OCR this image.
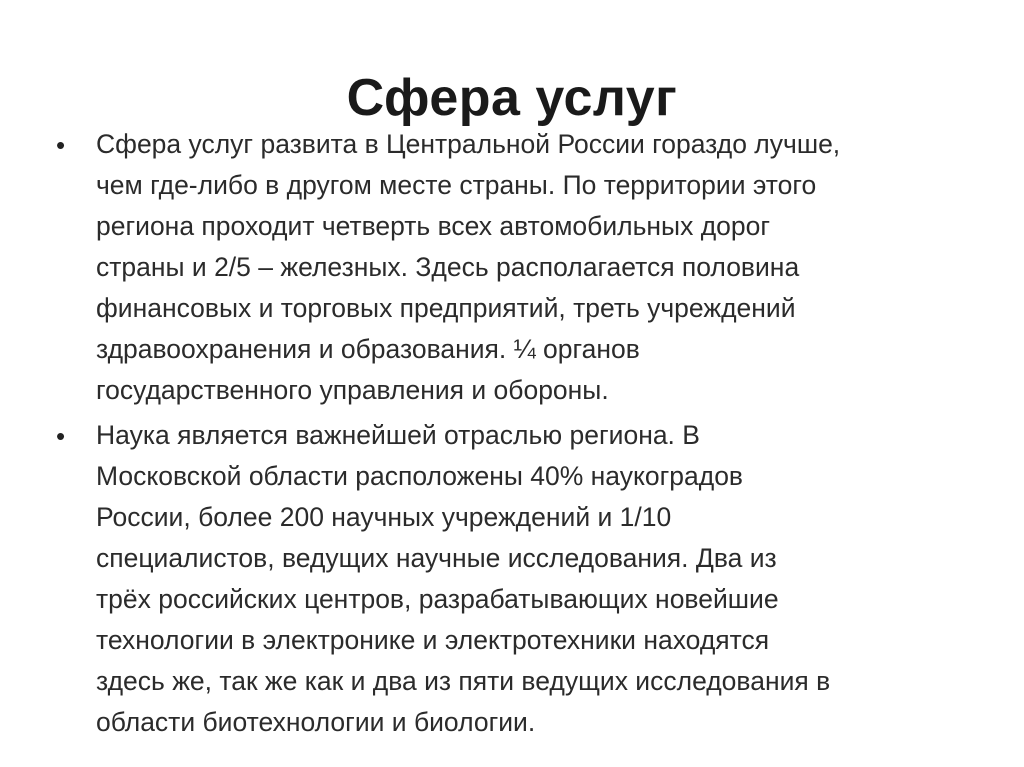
Сфера услуг
•	Сфера услуг развита в Центральной России гораздо лучше,
чем где-либо в другом месте страны. По территории этого
региона проходит четверть всех автомобильных дорог
страны и 2/5 – железных. Здесь располагается половина
финансовых и торговых предприятий, треть учреждений
здравоохранения и образования. ¼ органов
государственного управления и обороны.
•	Наука является важнейшей отраслью региона. В
Московской области расположены 40% наукоградов
России, более 200 научных учреждений и 1/10
специалистов, ведущих научные исследования. Два из
трёх российских центров, разрабатывающих новейшие
технологии в электронике и электротехники находятся
здесь же, так же как и два из пяти ведущих исследования в
области биотехнологии и биологии.
